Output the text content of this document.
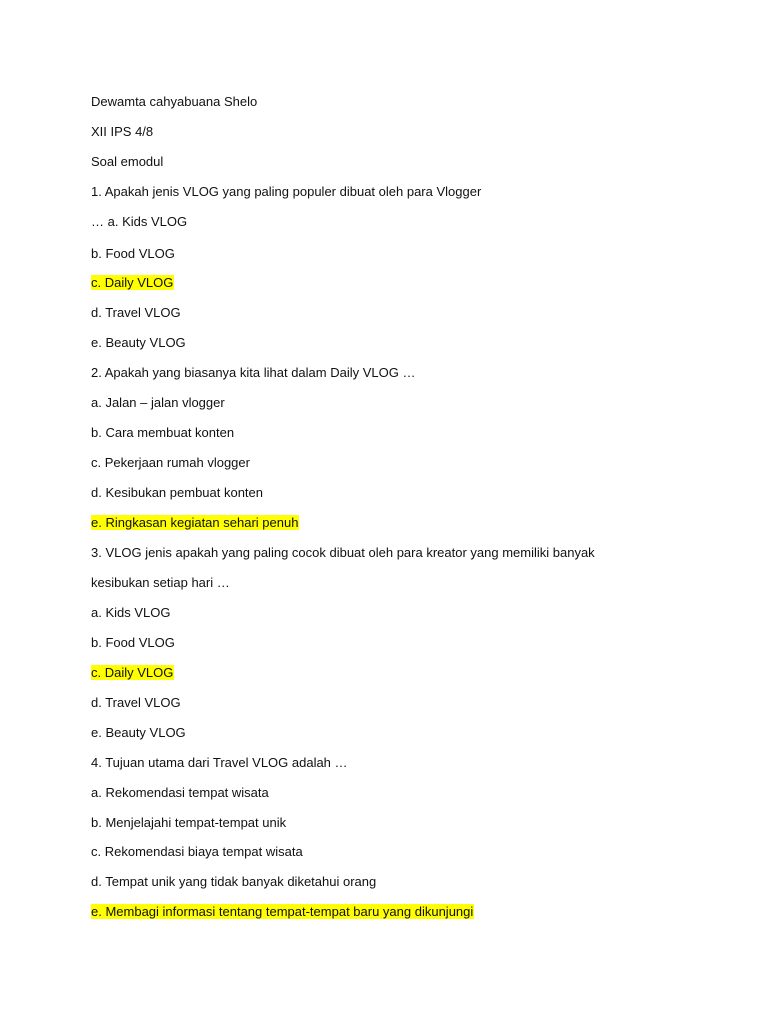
Dewamta cahyabuana Shelo

XII IPS 4/8

Soal emodul

1. Apakah jenis VLOG yang paling populer dibuat oleh para Vlogger

… a. Kids VLOG

b. Food VLOG

c. Daily VLOG

d. Travel VLOG

e. Beauty VLOG

2. Apakah yang biasanya kita lihat dalam Daily VLOG …

a. Jalan – jalan vlogger

b. Cara membuat konten

c. Pekerjaan rumah vlogger

d. Kesibukan pembuat konten

e. Ringkasan kegiatan sehari penuh

3. VLOG jenis apakah yang paling cocok dibuat oleh para kreator yang memiliki banyak

kesibukan setiap hari …

a. Kids VLOG

b. Food VLOG

c. Daily VLOG

d. Travel VLOG

e. Beauty VLOG

4. Tujuan utama dari Travel VLOG adalah …

a. Rekomendasi tempat wisata

b. Menjelajahi tempat-tempat unik

c. Rekomendasi biaya tempat wisata

d. Tempat unik yang tidak banyak diketahui orang

e. Membagi informasi tentang tempat-tempat baru yang dikunjungi
